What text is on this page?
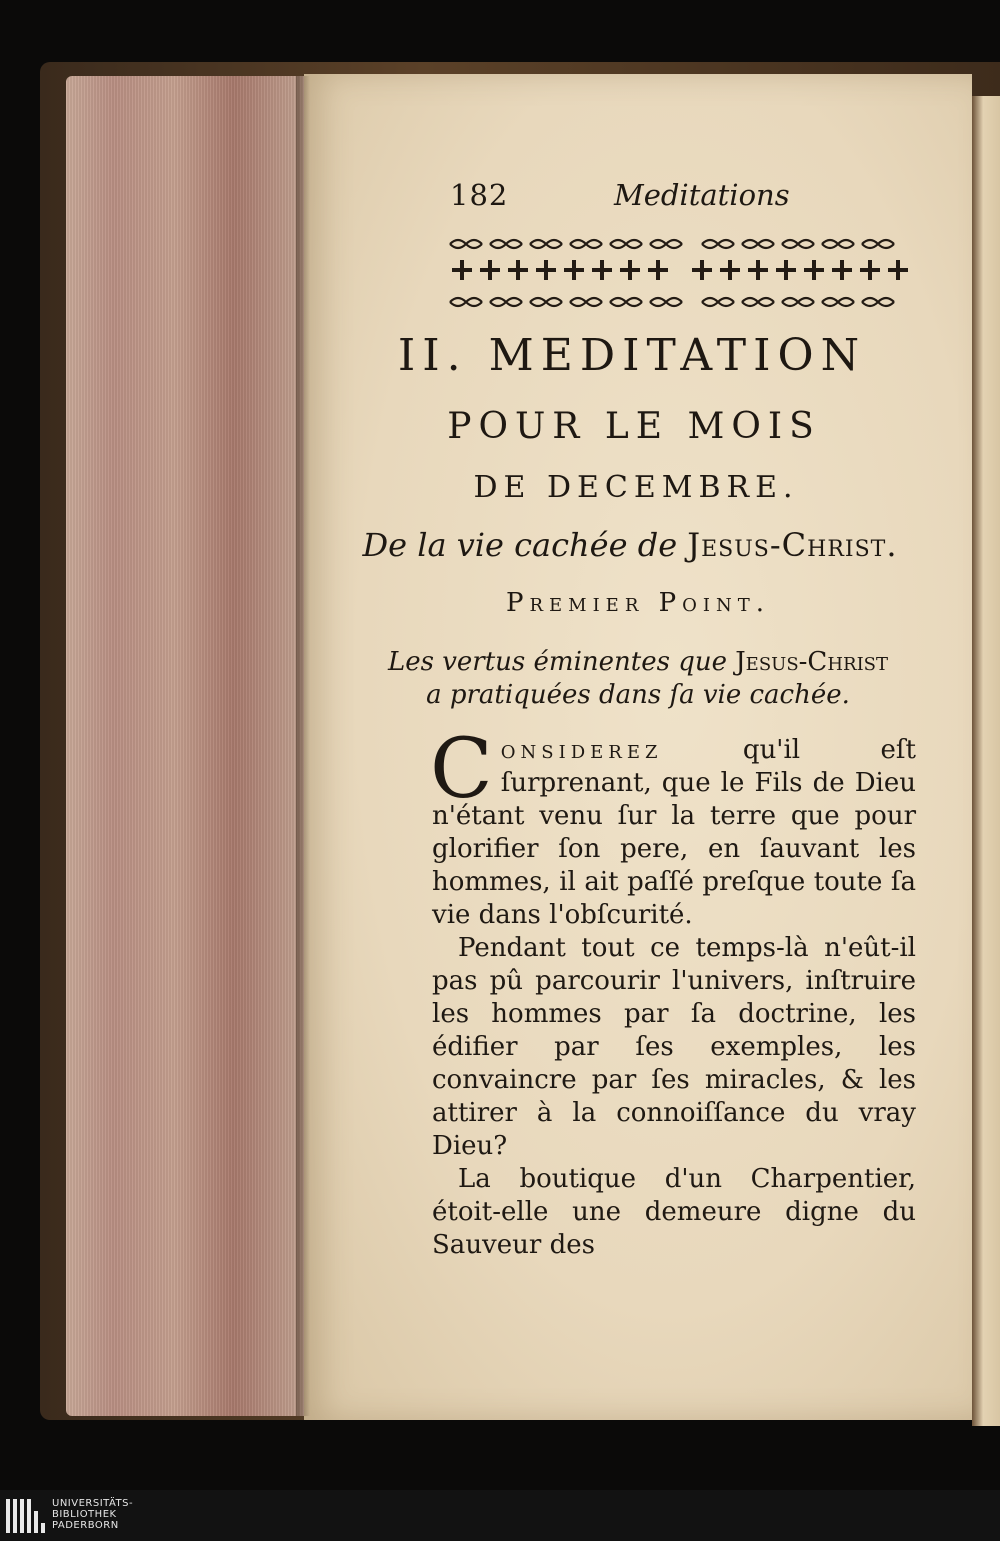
182	Meditations
II. MEDITATION
POUR LE MOIS
DE DECEMBRE.
De la vie cachée de Jesus-Christ.
Premier Point.
Les vertus éminentes que Jesus-Christ
a pratiquées dans ſa vie cachée.

Considerez qu'il eſt ſurprenant, que le Fils de Dieu n'étant venu ſur la terre que pour glorifier ſon pere, en ſauvant les hommes, il ait paſſé preſque toute ſa vie dans l'obſcurité.

Pendant tout ce temps-là n'eût-il pas pû parcourir l'univers, inſtruire les hommes par ſa doctrine, les édifier par ſes exemples, les convaincre par ſes miracles, & les attirer à la connoiſſance du vray Dieu?

La boutique d'un Charpentier, étoit-elle une demeure digne du Sauveur des

UNIVERSITÄTS-
BIBLIOTHEK
PADERBORN
